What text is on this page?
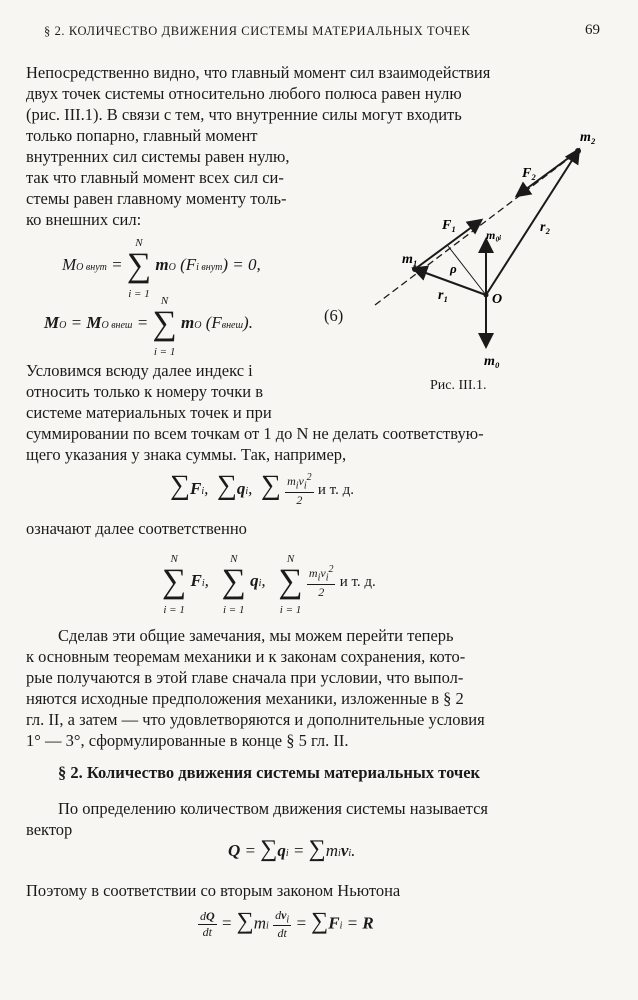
§ 2. КОЛИЧЕСТВО ДВИЖЕНИЯ СИСТЕМЫ МАТЕРИАЛЬНЫХ ТОЧЕК	69
Непосредственно видно, что главный момент сил взаимодействия
двух точек системы относительно любого полюса равен нулю
(рис. III.1). В связи с тем, что внутренние силы могут входить
только попарно, главный момент
внутренних сил системы равен нулю,
так что главный момент всех сил си-
стемы равен главному моменту толь-
ко внешних сил:
MO внут = N
∑
i = 1 mO (Fi внут) = 0,
MO = MO внеш = N
∑
i = 1 mO (Fвнеш).	(6)
m₂
F₂
r₂
F₁
m₀ᵢ
m₁
ρ
r₁	O
m₀
Рис. III.1.
Условимся всюду далее индекс i
относить только к номеру точки в
системе материальных точек и при
суммировании по всем точкам от 1 до N не делать соответствую-
щего указания у знака суммы. Так, например,
∑Fi,  ∑qi,  ∑ $\frac{m_iv_i^2}{2}$ и т. д.
означают далее соответственно
N
∑
i = 1 Fi,   N
∑
i = 1 qi,   N
∑
i = 1
$\frac{m_iv_i^2}{2}$ и т. д.
Сделав эти общие замечания, мы можем перейти теперь
к основным теоремам механики и к законам сохранения, кото-
рые получаются в этой главе сначала при условии, что выпол-
няются исходные предположения механики, изложенные в § 2
гл. II, а затем — что удовлетворяются и дополнительные условия
1° — 3°, сформулированные в конце § 5 гл. II.
§ 2. Количество движения системы материальных точек
По определению количеством движения системы называется
вектор
Q = ∑qi = ∑mivi.
Поэтому в соответствии со вторым законом Ньютона
$\frac{dQ}{dt} = \sum mi \frac{dv_i}{dt} = \sum Fi = R$
